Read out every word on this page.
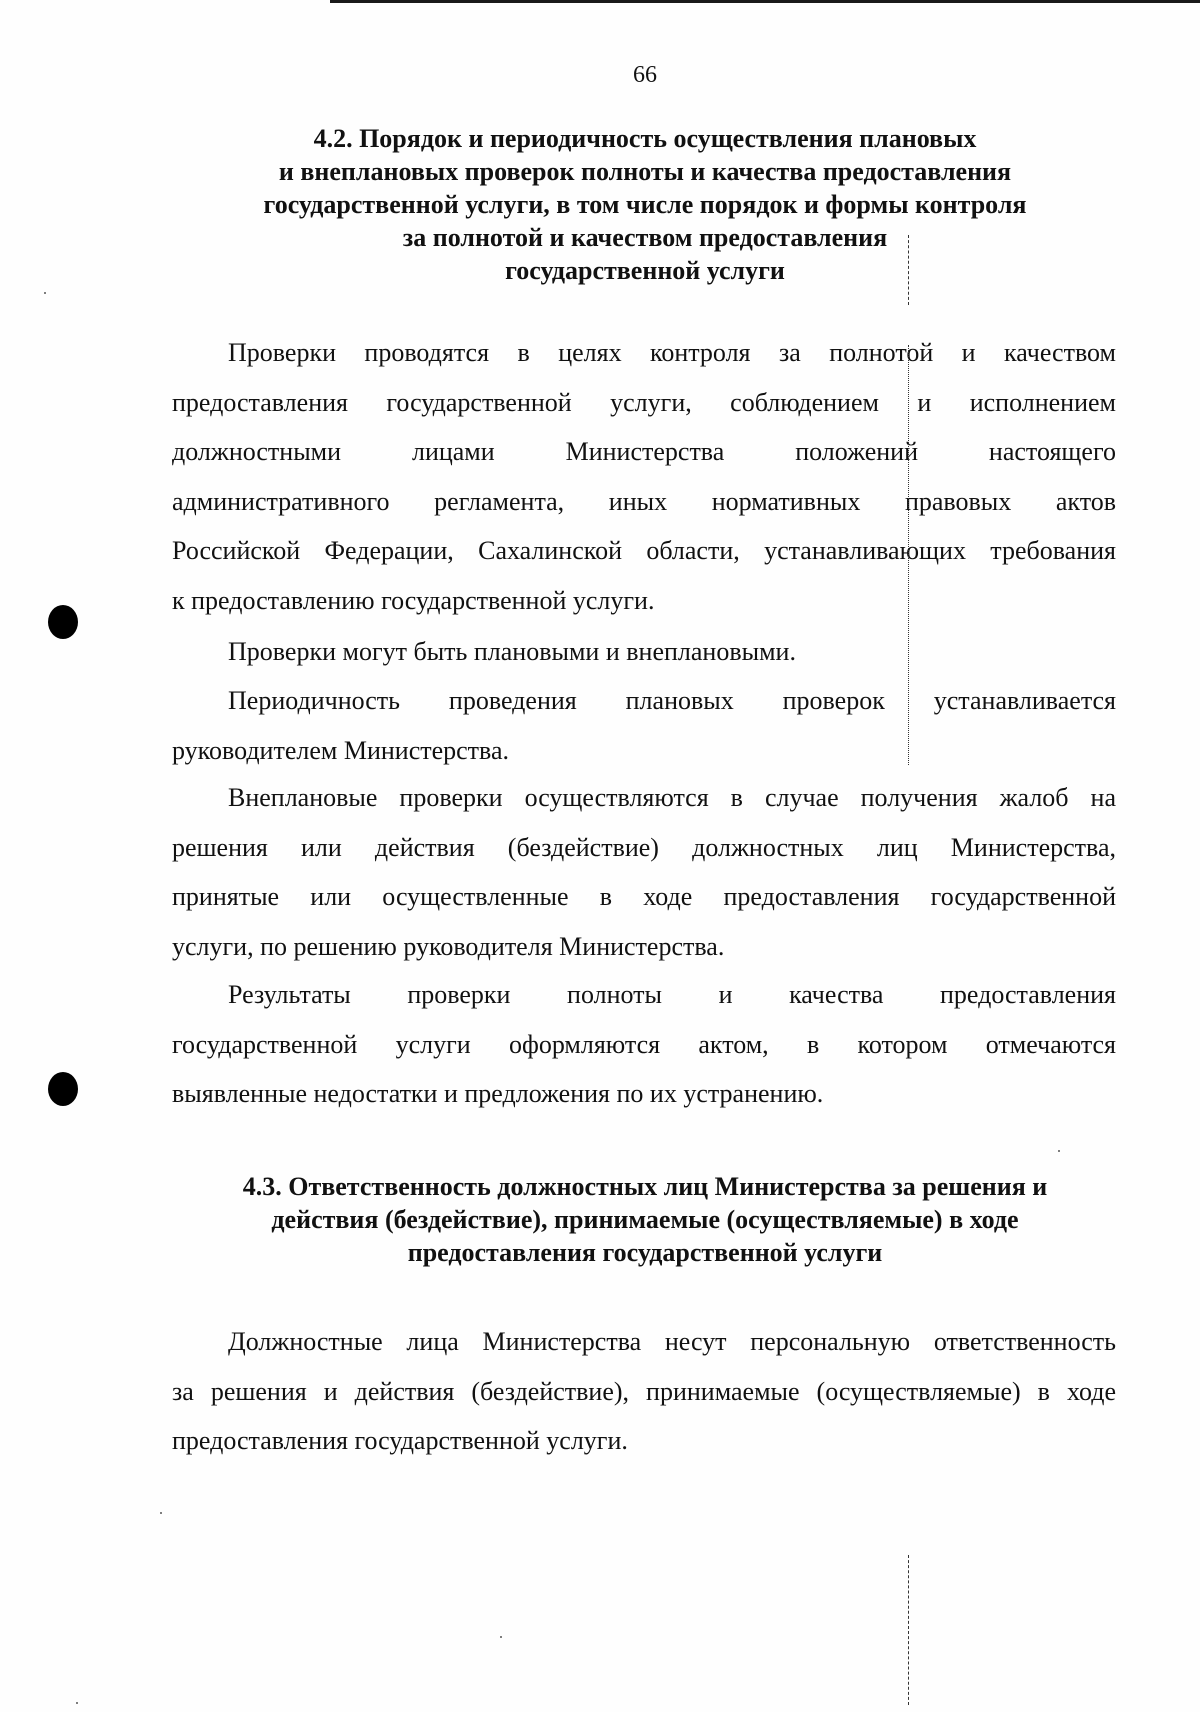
66
4.2. Порядок и периодичность осуществления плановых
и внеплановых проверок полноты и качества предоставления
государственной услуги, в том числе порядок и формы контроля
за полнотой и качеством предоставления
государственной услуги
Проверки проводятся в целях контроля за полнотой и качеством
предоставления государственной услуги, соблюдением и исполнением
должностными лицами Министерства положений настоящего
административного регламента, иных нормативных правовых актов
Российской Федерации, Сахалинской области, устанавливающих требования
к предоставлению государственной услуги.
Проверки могут быть плановыми и внеплановыми.
Периодичность проведения плановых проверок устанавливается
руководителем Министерства.
Внеплановые проверки осуществляются в случае получения жалоб на
решения или действия (бездействие) должностных лиц Министерства,
принятые или осуществленные в ходе предоставления государственной
услуги, по решению руководителя Министерства.
Результаты проверки полноты и качества предоставления
государственной услуги оформляются актом, в котором отмечаются
выявленные недостатки и предложения по их устранению.
4.3. Ответственность должностных лиц Министерства за решения и
действия (бездействие), принимаемые (осуществляемые) в ходе
предоставления государственной услуги
Должностные лица Министерства несут персональную ответственность
за решения и действия (бездействие), принимаемые (осуществляемые) в ходе
предоставления государственной услуги.
